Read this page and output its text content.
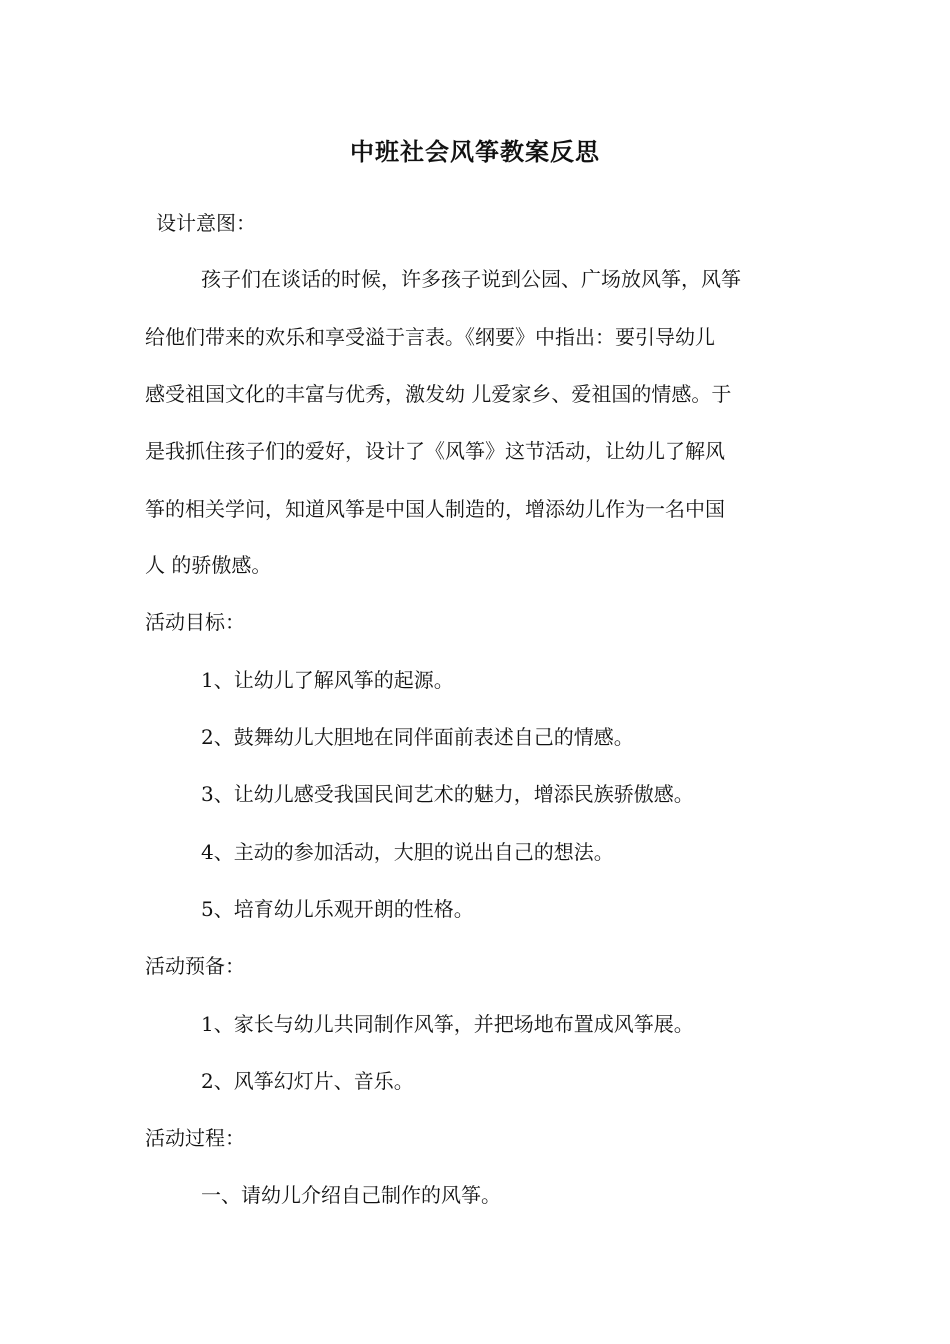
中班社会风筝教案反思
设计意图：
孩子们在谈话的时候，许多孩子说到公园、广场放风筝，风筝
给他们带来的欢乐和享受溢于言表。《纲要》中指出：要引导幼儿
感受祖国文化的丰富与优秀，激发幼 儿爱家乡、爱祖国的情感。于
是我抓住孩子们的爱好，设计了《风筝》这节活动，让幼儿了解风
筝的相关学问，知道风筝是中国人制造的，增添幼儿作为一名中国
人 的骄傲感。
活动目标：
1、让幼儿了解风筝的起源。
2、鼓舞幼儿大胆地在同伴面前表述自己的情感。
3、让幼儿感受我国民间艺术的魅力，增添民族骄傲感。
4、主动的参加活动，大胆的说出自己的想法。
5、培育幼儿乐观开朗的性格。
活动预备：
1、家长与幼儿共同制作风筝，并把场地布置成风筝展。
2、风筝幻灯片、音乐。
活动过程：
一、请幼儿介绍自己制作的风筝。
